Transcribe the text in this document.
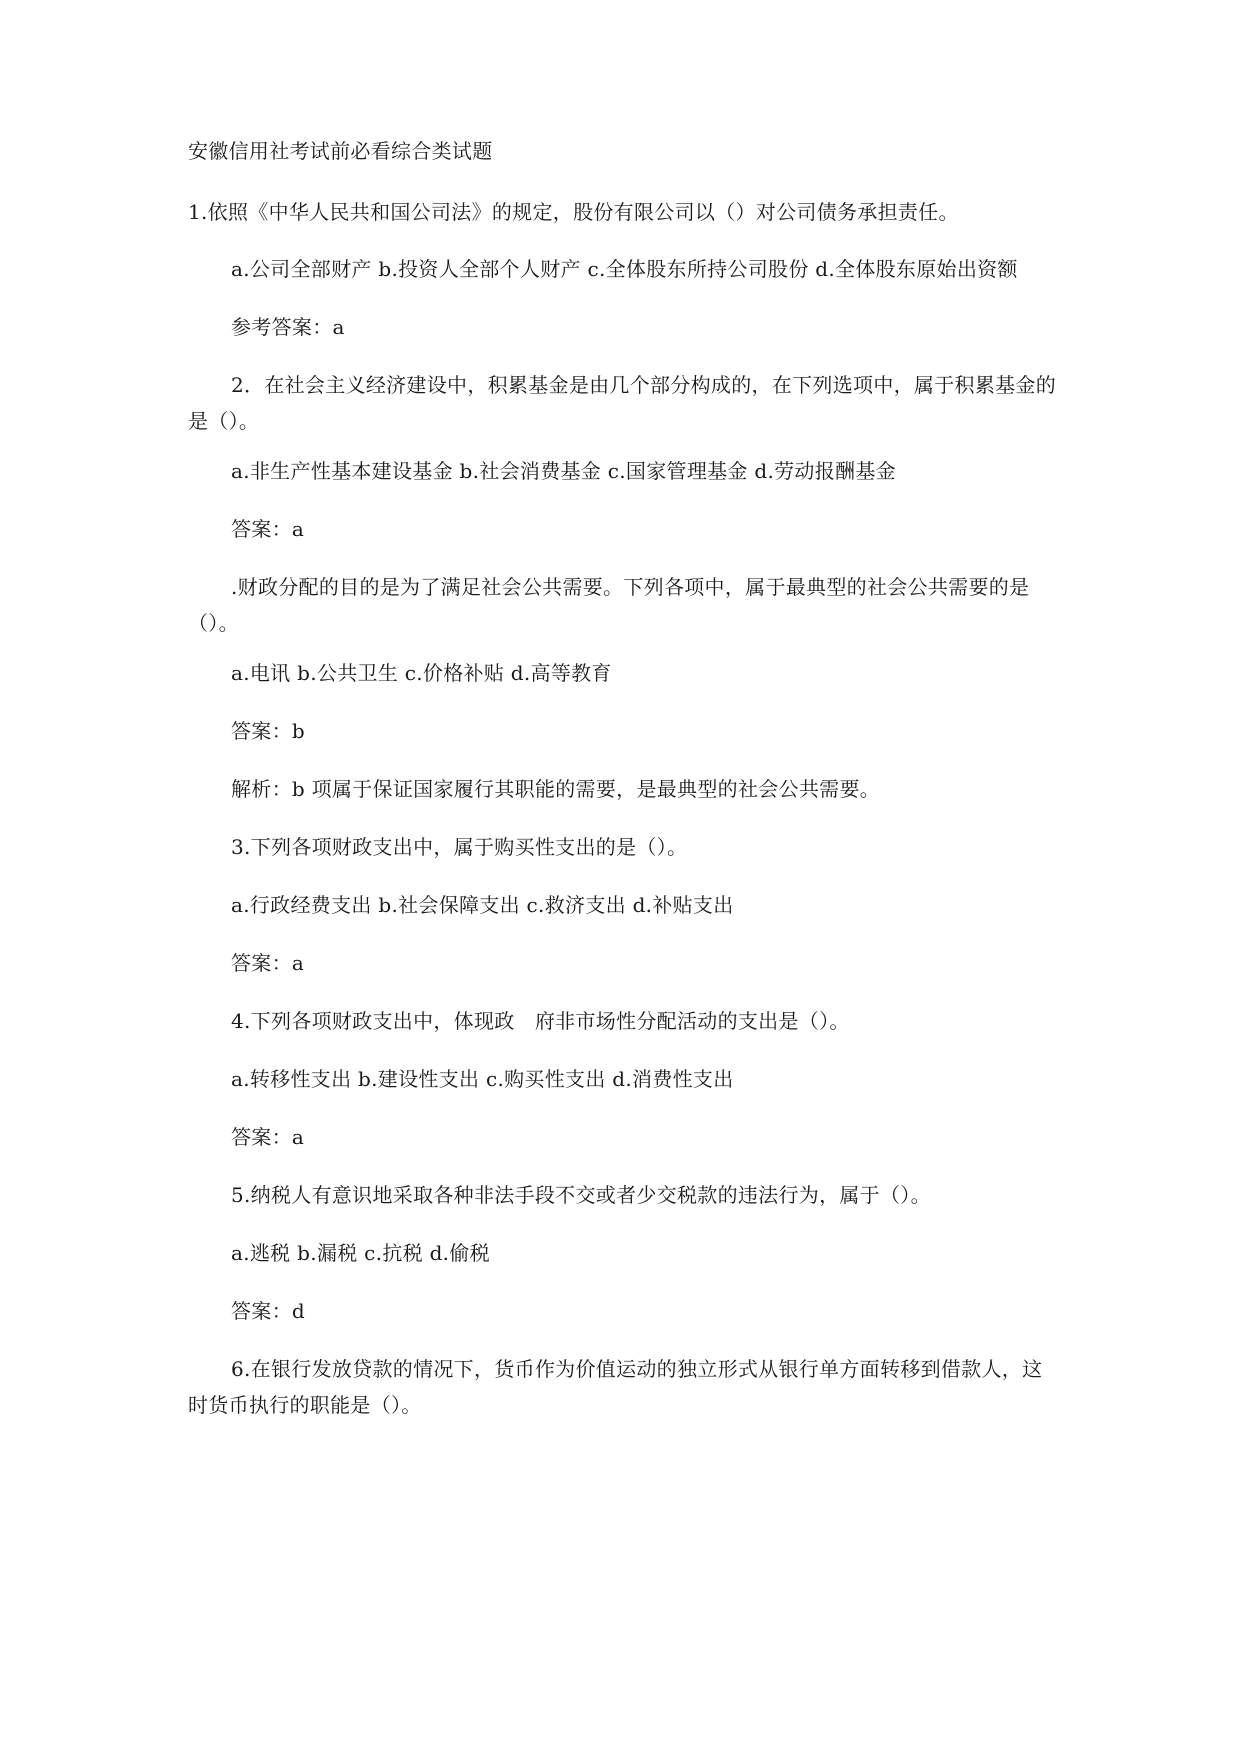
安徽信用社考试前必看综合类试题
1.依照《中华人民共和国公司法》的规定，股份有限公司以（）对公司债务承担责任。
a.公司全部财产 b.投资人全部个人财产 c.全体股东所持公司股份 d.全体股东原始出资额
参考答案：a
2．在社会主义经济建设中，积累基金是由几个部分构成的，在下列选项中，属于积累基金的是（）。
a.非生产性基本建设基金 b.社会消费基金 c.国家管理基金 d.劳动报酬基金
答案：a
.财政分配的目的是为了满足社会公共需要。下列各项中，属于最典型的社会公共需要的是（）。
a.电讯 b.公共卫生 c.价格补贴 d.高等教育
答案：b
解析：b 项属于保证国家履行其职能的需要，是最典型的社会公共需要。
3.下列各项财政支出中，属于购买性支出的是（）。
a.行政经费支出 b.社会保障支出 c.救济支出 d.补贴支出
答案：a
4.下列各项财政支出中，体现政　府非市场性分配活动的支出是（）。
a.转移性支出 b.建设性支出 c.购买性支出 d.消费性支出
答案：a
5.纳税人有意识地采取各种非法手段不交或者少交税款的违法行为，属于（）。
a.逃税 b.漏税 c.抗税 d.偷税
答案：d
6.在银行发放贷款的情况下，货币作为价值运动的独立形式从银行单方面转移到借款人，这时货币执行的职能是（）。
